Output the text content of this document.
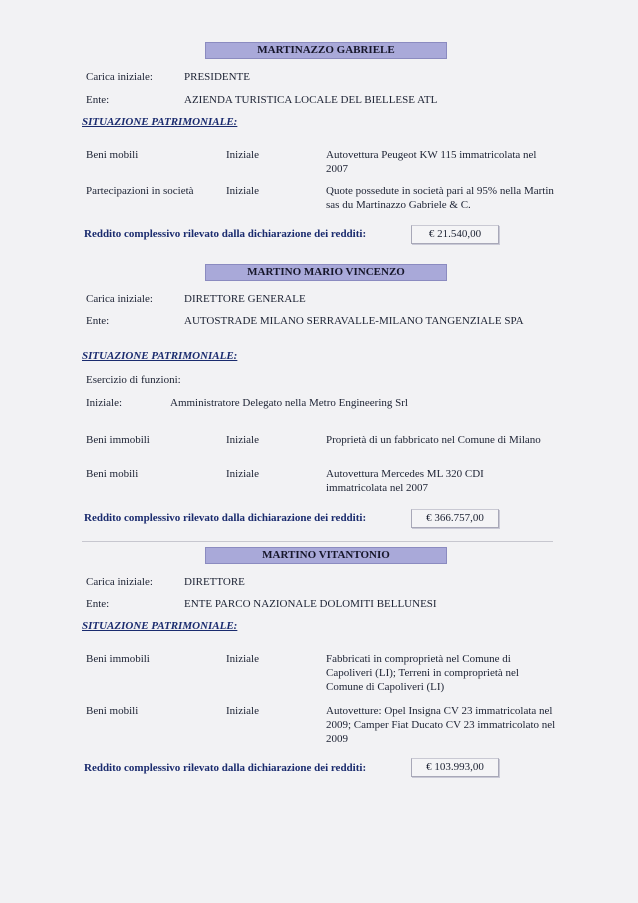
MARTINAZZO GABRIELE
Carica iniziale:	PRESIDENTE
Ente:	AZIENDA TURISTICA LOCALE DEL BIELLESE ATL
SITUAZIONE PATRIMONIALE:
Beni mobili	Iniziale	Autovettura Peugeot KW 115 immatricolata nel 2007
Partecipazioni in società	Iniziale	Quote possedute in società pari al 95% nella Martin sas du Martinazzo Gabriele & C.
Reddito complessivo rilevato dalla dichiarazione dei redditi:	€ 21.540,00
MARTINO MARIO VINCENZO
Carica iniziale:	DIRETTORE GENERALE
Ente:	AUTOSTRADE MILANO SERRAVALLE-MILANO TANGENZIALE SPA
SITUAZIONE PATRIMONIALE:
Esercizio di funzioni:
Iniziale:	Amministratore Delegato nella Metro Engineering Srl
Beni immobili	Iniziale	Proprietà di un fabbricato nel Comune di Milano
Beni mobili	Iniziale	Autovettura Mercedes ML 320 CDI immatricolata nel 2007
Reddito complessivo rilevato dalla dichiarazione dei redditi:	€ 366.757,00
MARTINO VITANTONIO
Carica iniziale:	DIRETTORE
Ente:	ENTE PARCO NAZIONALE DOLOMITI BELLUNESI
SITUAZIONE PATRIMONIALE:
Beni immobili	Iniziale	Fabbricati in comproprietà nel Comune di Capoliveri (LI); Terreni in comproprietà nel Comune di Capoliveri (LI)
Beni mobili	Iniziale	Autovetture: Opel Insigna CV 23 immatricolata nel 2009; Camper Fiat Ducato CV 23 immatricolato nel 2009
Reddito complessivo rilevato dalla dichiarazione dei redditi:	€ 103.993,00
